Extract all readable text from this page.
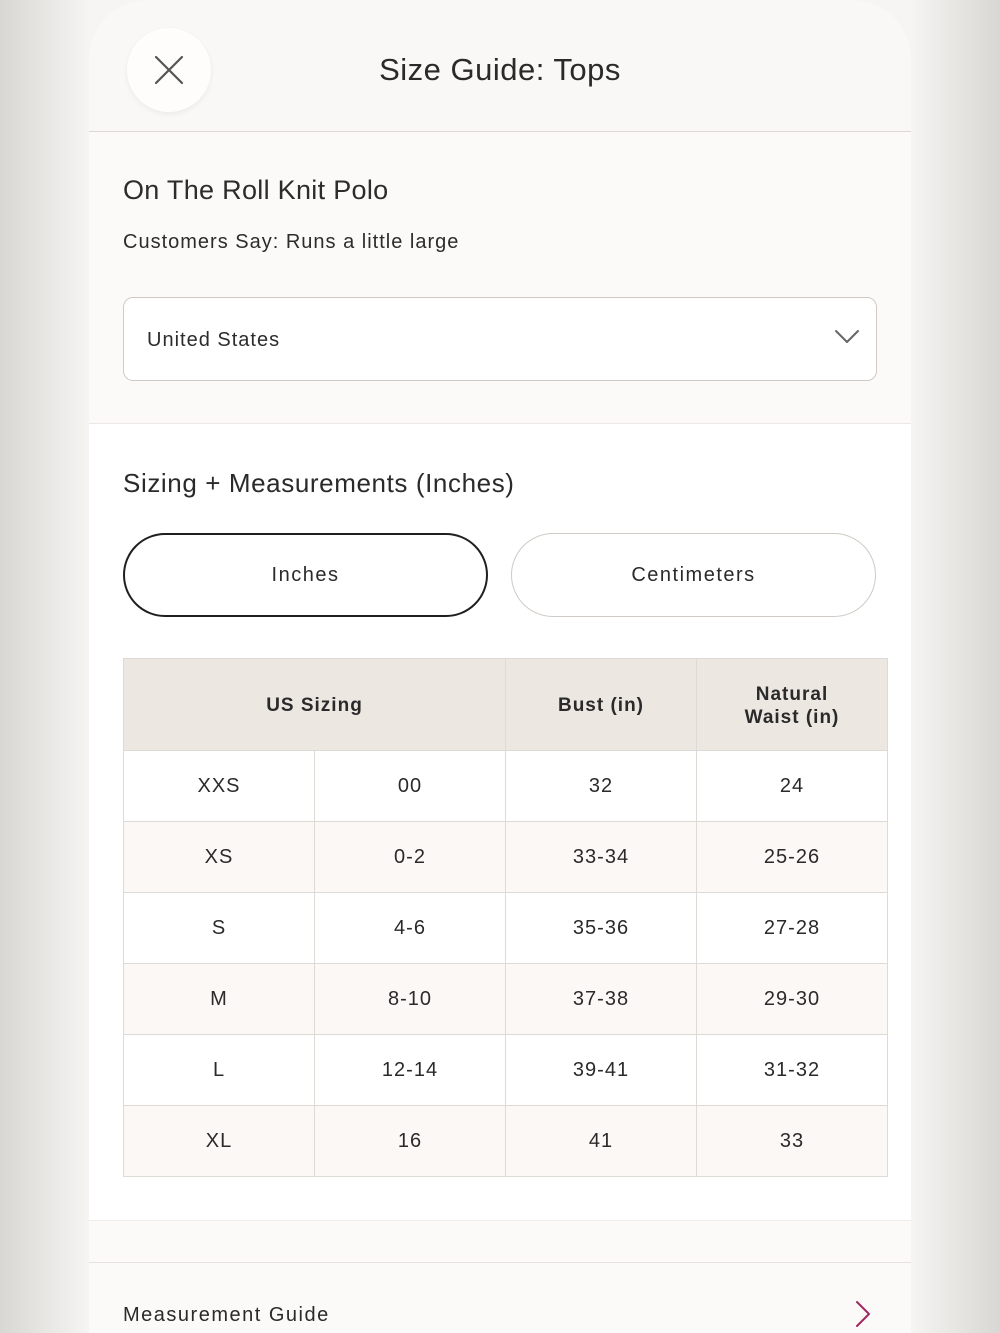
Size Guide: Tops
On The Roll Knit Polo
Customers Say: Runs a little large
United States
Sizing + Measurements (Inches)
Inches	Centimeters
US Sizing		Bust (in)	Natural
Waist (in)
XXS	00	32	24
XS	0-2	33-34	25-26
S	4-6	35-36	27-28
M	8-10	37-38	29-30
L	12-14	39-41	31-32
XL	16	41	33
Measurement Guide
